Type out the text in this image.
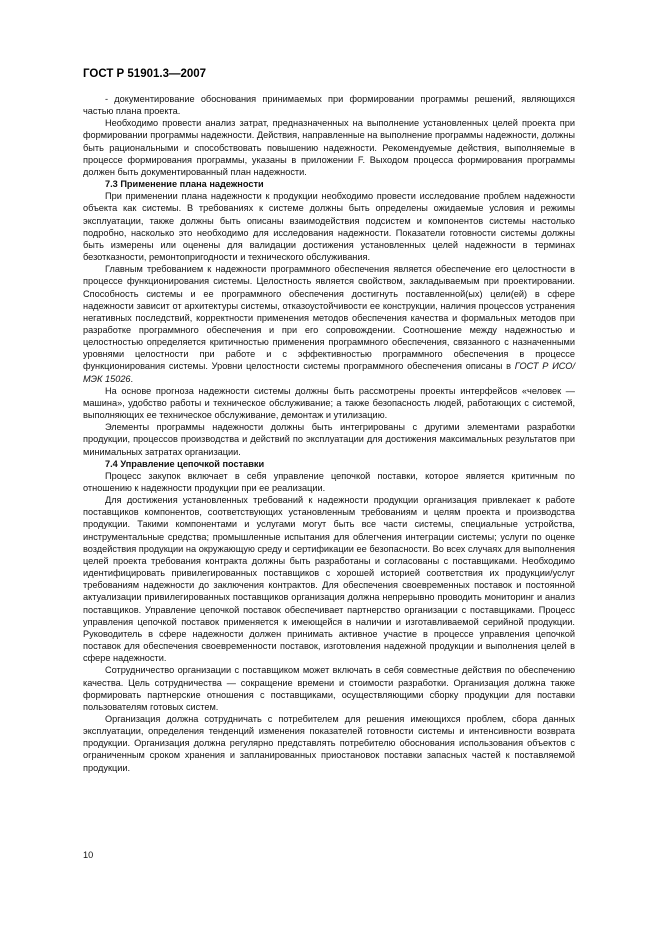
ГОСТ Р 51901.3—2007

- документирование обоснования принимаемых при формировании программы решений, являющихся частью плана проекта.

Необходимо провести анализ затрат, предназначенных на выполнение установленных целей проекта при формировании программы надежности. Действия, направленные на выполнение программы надежности, должны быть рациональными и способствовать повышению надежности. Рекомендуемые действия, выполняемые в процессе формирования программы, указаны в приложении F. Выходом процесса формирования программы должен быть документированный план надежности.

7.3 Применение плана надежности

При применении плана надежности к продукции необходимо провести исследование проблем надежности объекта как системы. В требованиях к системе должны быть определены ожидаемые условия и режимы эксплуатации, также должны быть описаны взаимодействия подсистем и компонентов системы настолько подробно, насколько это необходимо для исследования надежности. Показатели готовности системы должны быть измерены или оценены для валидации достижения установленных целей надежности в терминах безотказности, ремонтопригодности и технического обслуживания.

Главным требованием к надежности программного обеспечения является обеспечение его целостности в процессе функционирования системы. Целостность является свойством, закладываемым при проектировании. Способность системы и ее программного обеспечения достигнуть поставленной(ых) цели(ей) в сфере надежности зависит от архитектуры системы, отказоустойчивости ее конструкции, наличия процессов устранения негативных последствий, корректности применения методов обеспечения качества и формальных методов при разработке программного обеспечения и при его сопровождении. Соотношение между надежностью и целостностью определяется критичностью применения программного обеспечения, связанного с назначенными уровнями целостности при работе и с эффективностью программного обеспечения в процессе функционирования системы. Уровни целостности системы программного обеспечения описаны в ГОСТ Р ИСО/МЭК 15026.

На основе прогноза надежности системы должны быть рассмотрены проекты интерфейсов «человек — машина», удобство работы и техническое обслуживание; а также безопасность людей, работающих с системой, выполняющих ее техническое обслуживание, демонтаж и утилизацию.

Элементы программы надежности должны быть интегрированы с другими элементами разработки продукции, процессов производства и действий по эксплуатации для достижения максимальных результатов при минимальных затратах организации.

7.4 Управление цепочкой поставки

Процесс закупок включает в себя управление цепочкой поставки, которое является критичным по отношению к надежности продукции при ее реализации.

Для достижения установленных требований к надежности продукции организация привлекает к работе поставщиков компонентов, соответствующих установленным требованиям и целям проекта и производства продукции. Такими компонентами и услугами могут быть все части системы, специальные устройства, инструментальные средства; промышленные испытания для облегчения интеграции системы; услуги по оценке воздействия продукции на окружающую среду и сертификации ее безопасности. Во всех случаях для выполнения целей проекта требования контракта должны быть разработаны и согласованы с поставщиками. Необходимо идентифицировать привилегированных поставщиков с хорошей историей соответствия их продукции/услуг требованиям надежности до заключения контрактов. Для обеспечения своевременных поставок и постоянной актуализации привилегированных поставщиков организация должна непрерывно проводить мониторинг и анализ поставщиков. Управление цепочкой поставок обеспечивает партнерство организации с поставщиками. Процесс управления цепочкой поставок применяется к имеющейся в наличии и изготавливаемой серийной продукции. Руководитель в сфере надежности должен принимать активное участие в процессе управления цепочкой поставок для обеспечения своевременности поставок, изготовления надежной продукции и выполнения целей в сфере надежности.

Сотрудничество организации с поставщиком может включать в себя совместные действия по обеспечению качества. Цель сотрудничества — сокращение времени и стоимости разработки. Организация должна также формировать партнерские отношения с поставщиками, осуществляющими сборку продукции для поставки пользователям готовых систем.

Организация должна сотрудничать с потребителем для решения имеющихся проблем, сбора данных эксплуатации, определения тенденций изменения показателей готовности системы и интенсивности возврата продукции. Организация должна регулярно представлять потребителю обоснования использования объектов с ограниченным сроком хранения и запланированных приостановок поставки запасных частей к поставляемой продукции.

10
